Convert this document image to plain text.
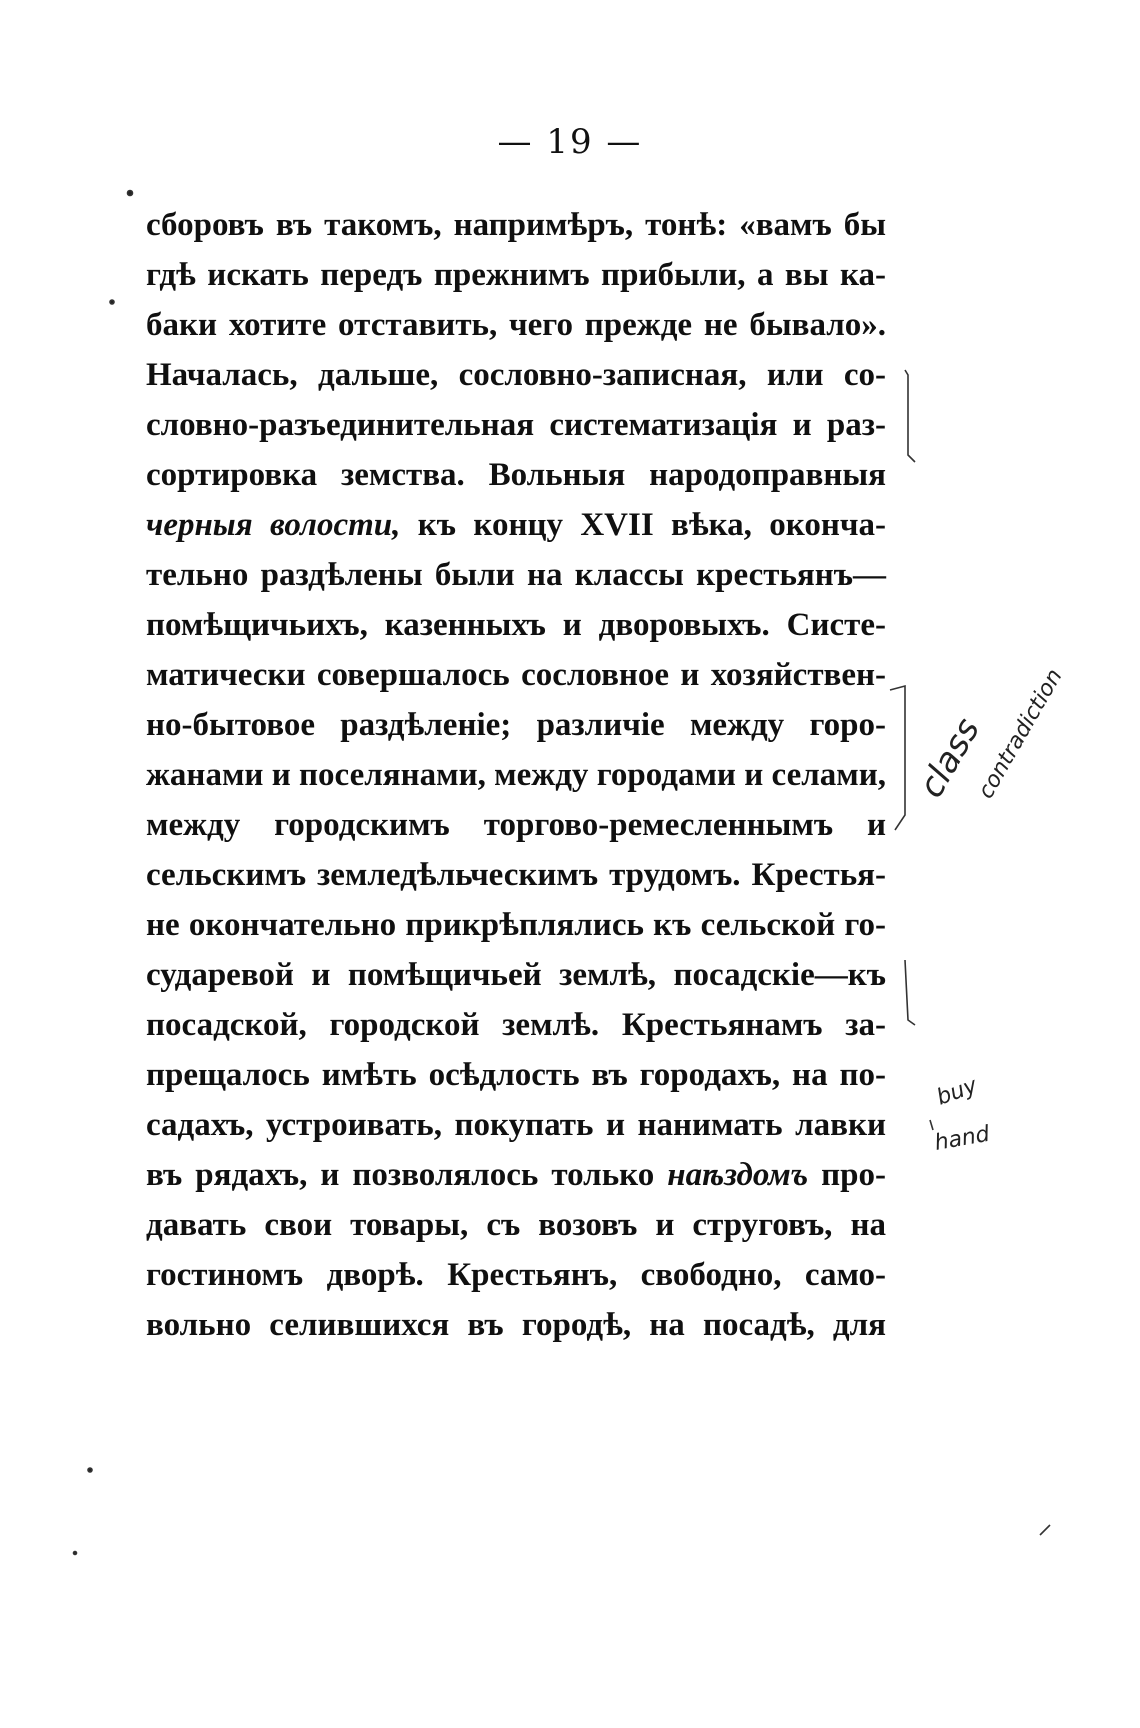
— 19 —
сборовъ въ такомъ, напримѣръ, тонѣ: «вамъ бы
гдѣ искать передъ прежнимъ прибыли, а вы ка-
баки хотите отставить, чего прежде не бывало».
Началась, дальше, сословно-записная, или со-
словно-разъединительная систематизація и раз-
сортировка земства. Вольныя народоправныя
черныя волости, къ концу XVII вѣка, оконча-
тельно раздѣлены были на классы крестьянъ—
помѣщичьихъ, казенныхъ и дворовыхъ. Систе-
матически совершалось сословное и хозяйствен-
но-бытовое раздѣленіе; различіе между горо-
жанами и поселянами, между городами и селами,
между городскимъ торгово-ремесленнымъ и
сельскимъ земледѣльческимъ трудомъ. Крестья-
не окончательно прикрѣплялись къ сельской го-
сударевой и помѣщичьей землѣ, посадскіе—къ
посадской, городской землѣ. Крестьянамъ за-
прещалось имѣть осѣдлость въ городахъ, на по-
садахъ, устроивать, покупать и нанимать лавки
въ рядахъ, и позволялось только наѣздомъ про-
давать свои товары, съ возовъ и струговъ, на
гостиномъ дворѣ. Крестьянъ, свободно, само-
вольно селившихся въ городѣ, на посадѣ, для
class
contradiction
buy
hand
